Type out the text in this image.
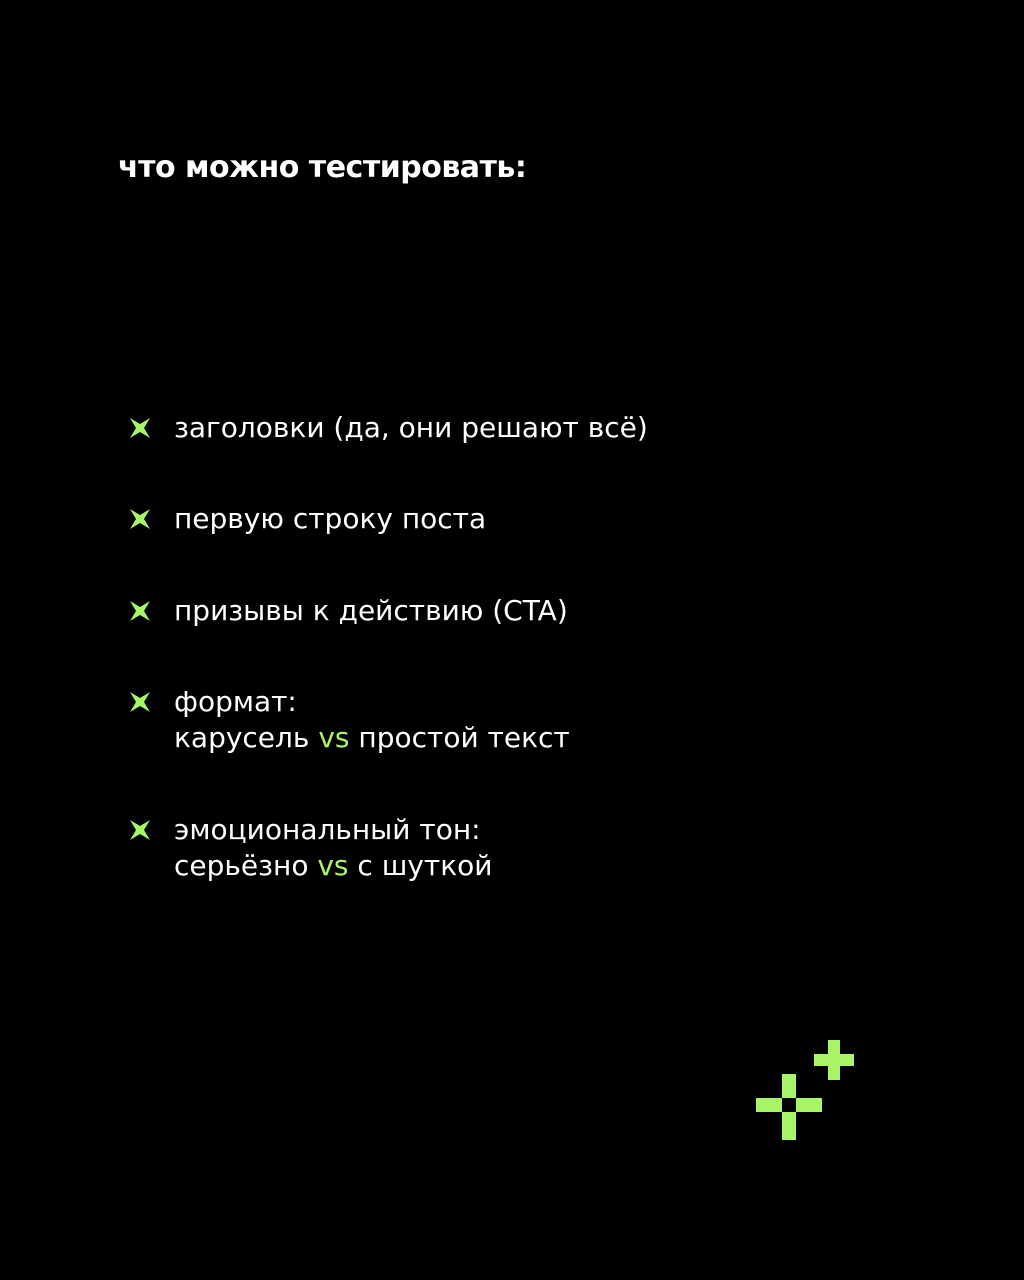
что можно тестировать:
заголовки (да, они решают всё)
первую строку поста
призывы к действию (CTA)
формат:
карусель vs простой текст
эмоциональный тон:
серьёзно vs с шуткой
